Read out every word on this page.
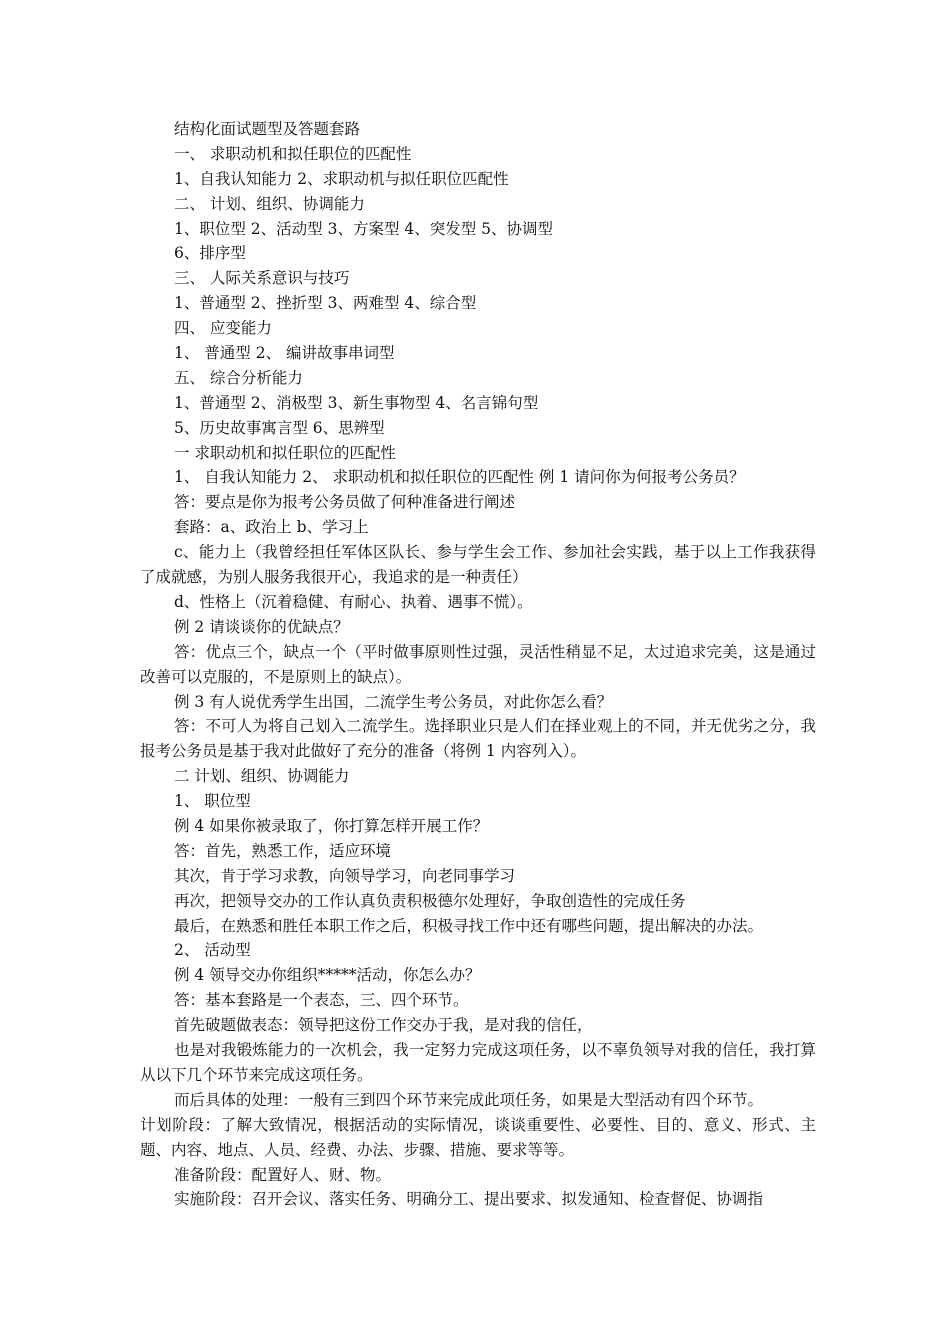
结构化面试题型及答题套路
一、 求职动机和拟任职位的匹配性
1、自我认知能力 2、求职动机与拟任职位匹配性
二、 计划、组织、协调能力
1、职位型 2、活动型 3、方案型 4、突发型 5、协调型
6、排序型
三、 人际关系意识与技巧
1、普通型 2、挫折型 3、两难型 4、综合型
四、 应变能力
1、 普通型 2、 编讲故事串词型
五、 综合分析能力
1、普通型 2、消极型 3、新生事物型 4、名言锦句型
5、历史故事寓言型 6、思辨型
一 求职动机和拟任职位的匹配性
1、 自我认知能力 2、 求职动机和拟任职位的匹配性 例 1 请问你为何报考公务员？
答：要点是你为报考公务员做了何种准备进行阐述
套路：a、政治上 b、学习上
c、能力上（我曾经担任军体区队长、参与学生会工作、参加社会实践，基于以上工作我获得了成就感，为别人服务我很开心，我追求的是一种责任）
d、性格上（沉着稳健、有耐心、执着、遇事不慌）。
例 2 请谈谈你的优缺点？
答：优点三个，缺点一个（平时做事原则性过强，灵活性稍显不足，太过追求完美，这是通过改善可以克服的，不是原则上的缺点）。
例 3 有人说优秀学生出国，二流学生考公务员，对此你怎么看？
答：不可人为将自己划入二流学生。选择职业只是人们在择业观上的不同，并无优劣之分，我报考公务员是基于我对此做好了充分的准备（将例 1 内容列入）。
二 计划、组织、协调能力
1、 职位型
例 4 如果你被录取了，你打算怎样开展工作？
答：首先，熟悉工作，适应环境
其次，肯于学习求教，向领导学习，向老同事学习
再次，把领导交办的工作认真负责积极德尔处理好，争取创造性的完成任务
最后，在熟悉和胜任本职工作之后，积极寻找工作中还有哪些问题，提出解决的办法。
2、 活动型
例 4 领导交办你组织*****活动，你怎么办？
答：基本套路是一个表态，三、四个环节。
首先破题做表态：领导把这份工作交办于我，是对我的信任，
也是对我锻炼能力的一次机会，我一定努力完成这项任务，以不辜负领导对我的信任，我打算从以下几个环节来完成这项任务。
而后具体的处理：一般有三到四个环节来完成此项任务，如果是大型活动有四个环节。
计划阶段：了解大致情况，根据活动的实际情况，谈谈重要性、必要性、目的、意义、形式、主题、内容、地点、人员、经费、办法、步骤、措施、要求等等。
准备阶段：配置好人、财、物。
实施阶段：召开会议、落实任务、明确分工、提出要求、拟发通知、检查督促、协调指
